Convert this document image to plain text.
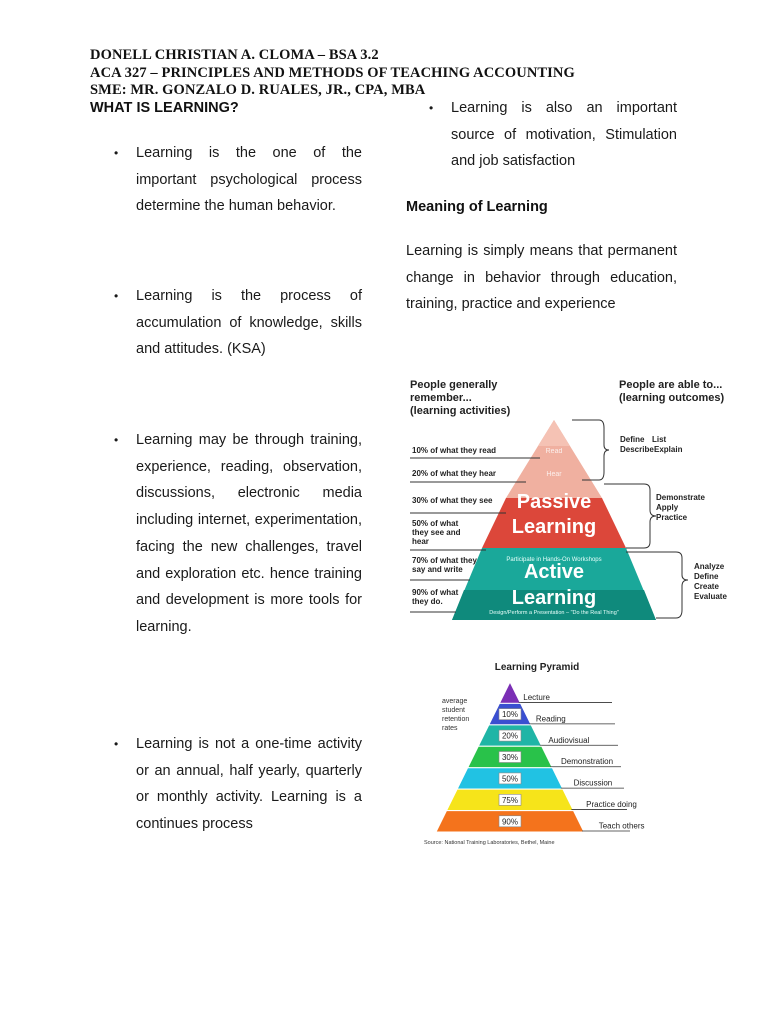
DONELL CHRISTIAN A. CLOMA – BSA 3.2
ACA 327 – PRINCIPLES AND METHODS OF TEACHING ACCOUNTING
SME: MR. GONZALO D. RUALES, JR., CPA, MBA
WHAT IS LEARNING?
• Learning is the one of the important psychological process determine the human behavior.
• Learning is the process of accumulation of knowledge, skills and attitudes. (KSA)
• Learning may be through training, experience, reading, observation, discussions, electronic media including internet, experimentation, facing the new challenges, travel and exploration etc. hence training and development is more tools for learning.
• Learning is not a one-time activity or an annual, half yearly, quarterly or monthly activity. Learning is a continues process
• Learning is also an important source of motivation, Stimulation and job satisfaction
Meaning of Learning
Learning is simply means that permanent change in behavior through education, training, practice and experience
People generally
remember...
(learning activities)
People are able to...
(learning outcomes)
Read
Hear
Passive
Learning
Participate in Hands-On Workshops
Active
Learning
Design/Perform a Presentation – "Do the Real Thing"
10% of what they read
20% of what they hear
30% of what they see
50% of what
they see and
hear
70% of what they
say and write
90% of what
they do.
Define List
Describe Explain
Demonstrate
Apply
Practice
Analyze
Define
Create
Evaluate
Learning Pyramid
average
student
retention
rates
Lecture
10% Reading
20%	Audiovisual
30%	Demonstration
50%	Discussion
75%	Practice doing
90%	Teach others
Source: National Training Laboratories, Bethel, Maine
